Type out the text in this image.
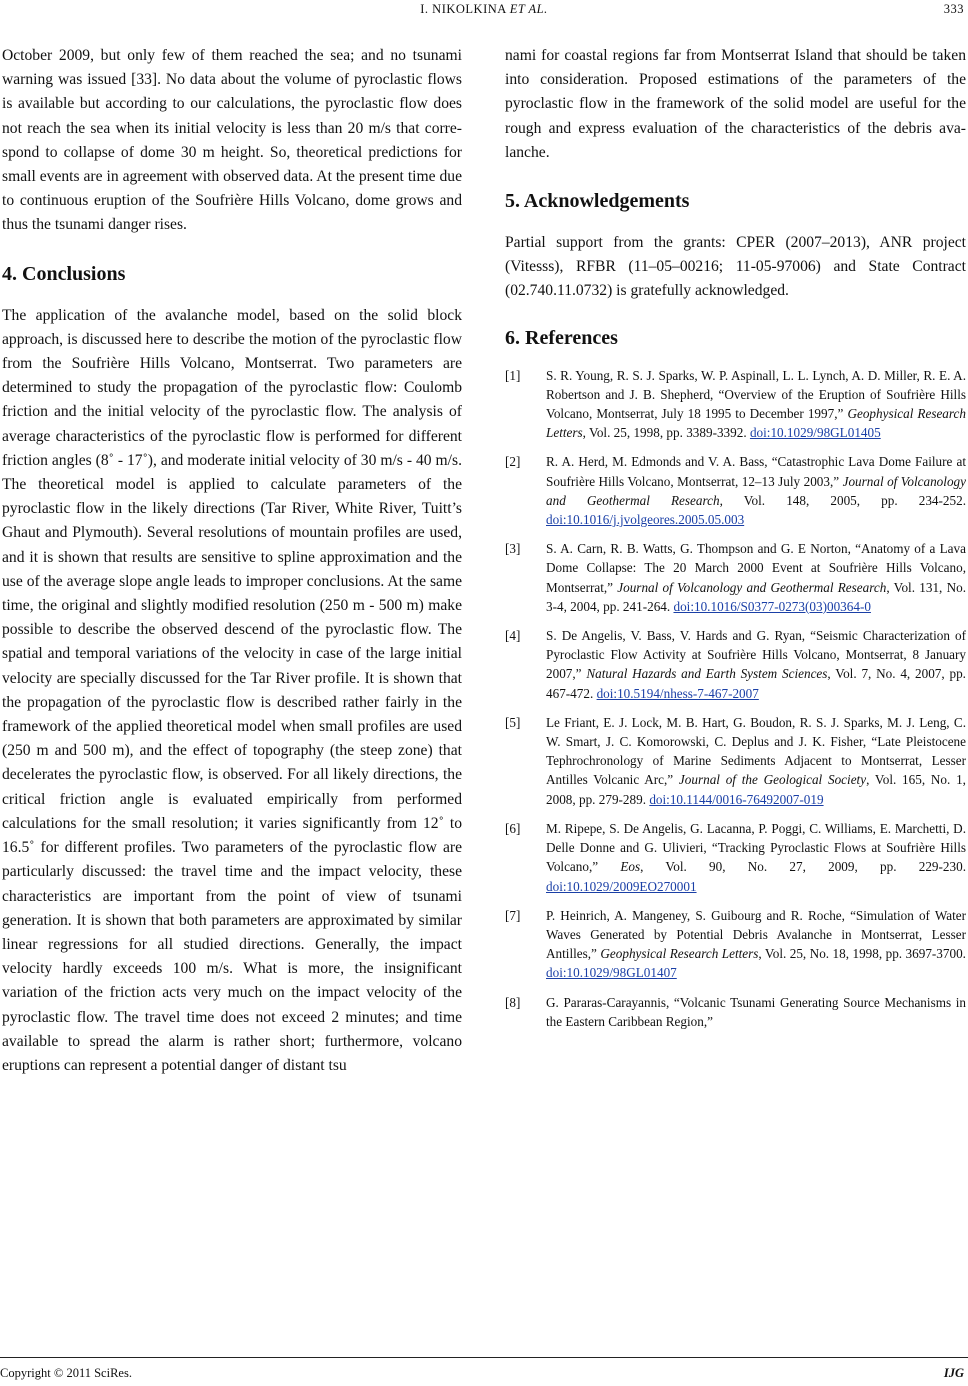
I. NIKOLKINA ET AL.	333

October 2009, but only few of them reached the sea; and no tsunami warning was issued [33]. No data about the volume of pyroclastic flows is available but according to our calculations, the pyroclastic flow does not reach the sea when its initial velocity is less than 20 m/s that correspond to collapse of dome 30 m height. So, theoretical predictions for small events are in agreement with observed data. At the present time due to continuous eruption of the Soufrière Hills Volcano, dome grows and thus the tsunami danger rises.

4. Conclusions

The application of the avalanche model, based on the solid block approach, is discussed here to describe the motion of the pyroclastic flow from the Soufrière Hills Volcano, Montserrat. Two parameters are determined to study the propagation of the pyroclastic flow: Coulomb friction and the initial velocity of the pyroclastic flow. The analysis of average characteristics of the pyroclastic flow is performed for different friction angles (8˚ - 17˚), and moderate initial velocity of 30 m/s - 40 m/s. The theoretical model is applied to calculate parameters of the pyroclastic flow in the likely directions (Tar River, White River, Tuitt’s Ghaut and Plymouth). Several resolutions of mountain profiles are used, and it is shown that results are sensitive to spline approximation and the use of the average slope angle leads to improper conclusions. At the same time, the original and slightly modified resolution (250 m - 500 m) make possible to describe the observed descend of the pyroclastic flow. The spatial and temporal variations of the velocity in case of the large initial velocity are specially discussed for the Tar River profile. It is shown that the propagation of the pyroclastic flow is described rather fairly in the framework of the applied theoretical model when small profiles are used (250 m and 500 m), and the effect of topography (the steep zone) that decelerates the pyroclastic flow, is observed. For all likely directions, the critical friction angle is evaluated empirically from performed calculations for the small resolution; it varies significantly from 12˚ to 16.5˚ for different profiles. Two parameters of the pyroclastic flow are particularly discussed: the travel time and the impact velocity, these characteristics are important from the point of view of tsunami generation. It is shown that both parameters are approximated by similar linear regressions for all studied directions. Generally, the impact velocity hardly exceeds 100 m/s. What is more, the insignificant variation of the friction acts very much on the impact velocity of the pyroclastic flow. The travel time does not exceed 2 minutes; and time available to spread the alarm is rather short; furthermore, volcano eruptions can represent a potential danger of distant tsu

nami for coastal regions far from Montserrat Island that should be taken into consideration. Proposed estimations of the parameters of the pyroclastic flow in the framework of the solid model are useful for the rough and express evaluation of the characteristics of the debris avalanche.

5. Acknowledgements

Partial support from the grants: CPER (2007–2013), ANR project (Vitesss), RFBR (11–05–00216; 11-05-97006) and State Contract (02.740.11.0732) is gratefully acknowledged.

6. References
[1] S. R. Young, R. S. J. Sparks, W. P. Aspinall, L. L. Lynch, A. D. Miller, R. E. A. Robertson and J. B. Shepherd, “Overview of the Eruption of Soufrière Hills Volcano, Montserrat, July 18 1995 to December 1997,” Geophysical Research Letters, Vol. 25, 1998, pp. 3389-3392. doi:10.1029/98GL01405
[2] R. A. Herd, M. Edmonds and V. A. Bass, “Catastrophic Lava Dome Failure at Soufrière Hills Volcano, Montserrat, 12–13 July 2003,” Journal of Volcanology and Geothermal Research, Vol. 148, 2005, pp. 234-252. doi:10.1016/j.jvolgeores.2005.05.003
[3] S. A. Carn, R. B. Watts, G. Thompson and G. E Norton, “Anatomy of a Lava Dome Collapse: The 20 March 2000 Event at Soufrière Hills Volcano, Montserrat,” Journal of Volcanology and Geothermal Research, Vol. 131, No. 3-4, 2004, pp. 241-264. doi:10.1016/S0377-0273(03)00364-0
[4] S. De Angelis, V. Bass, V. Hards and G. Ryan, “Seismic Characterization of Pyroclastic Flow Activity at Soufrière Hills Volcano, Montserrat, 8 January 2007,” Natural Hazards and Earth System Sciences, Vol. 7, No. 4, 2007, pp. 467-472. doi:10.5194/nhess-7-467-2007
[5] Le Friant, E. J. Lock, M. B. Hart, G. Boudon, R. S. J. Sparks, M. J. Leng, C. W. Smart, J. C. Komorowski, C. Deplus and J. K. Fisher, “Late Pleistocene Tephrochronology of Marine Sediments Adjacent to Montserrat, Lesser Antilles Volcanic Arc,” Journal of the Geological Society, Vol. 165, No. 1, 2008, pp. 279-289. doi:10.1144/0016-76492007-019
[6] M. Ripepe, S. De Angelis, G. Lacanna, P. Poggi, C. Williams, E. Marchetti, D. Delle Donne and G. Ulivieri, “Tracking Pyroclastic Flows at Soufrière Hills Volcano,” Eos, Vol. 90, No. 27, 2009, pp. 229-230. doi:10.1029/2009EO270001
[7] P. Heinrich, A. Mangeney, S. Guibourg and R. Roche, “Simulation of Water Waves Generated by Potential Debris Avalanche in Montserrat, Lesser Antilles,” Geophysical Research Letters, Vol. 25, No. 18, 1998, pp. 3697-3700. doi:10.1029/98GL01407
[8] G. Pararas-Carayannis, “Volcanic Tsunami Generating Source Mechanisms in the Eastern Caribbean Region,”
Copyright © 2011 SciRes.	IJG
